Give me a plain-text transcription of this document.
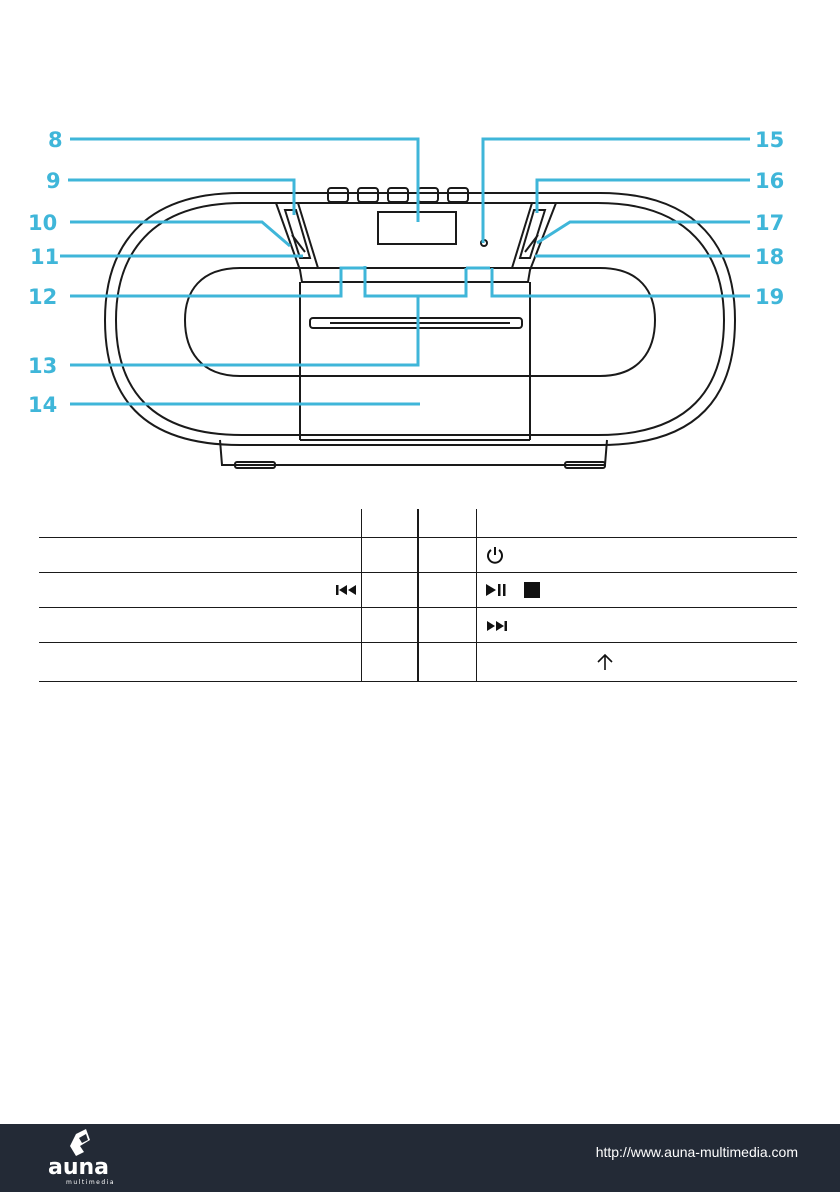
8
9
10
11
12
13
14
15
16
17
18
19

auna
multimedia
http://www.auna-multimedia.com
